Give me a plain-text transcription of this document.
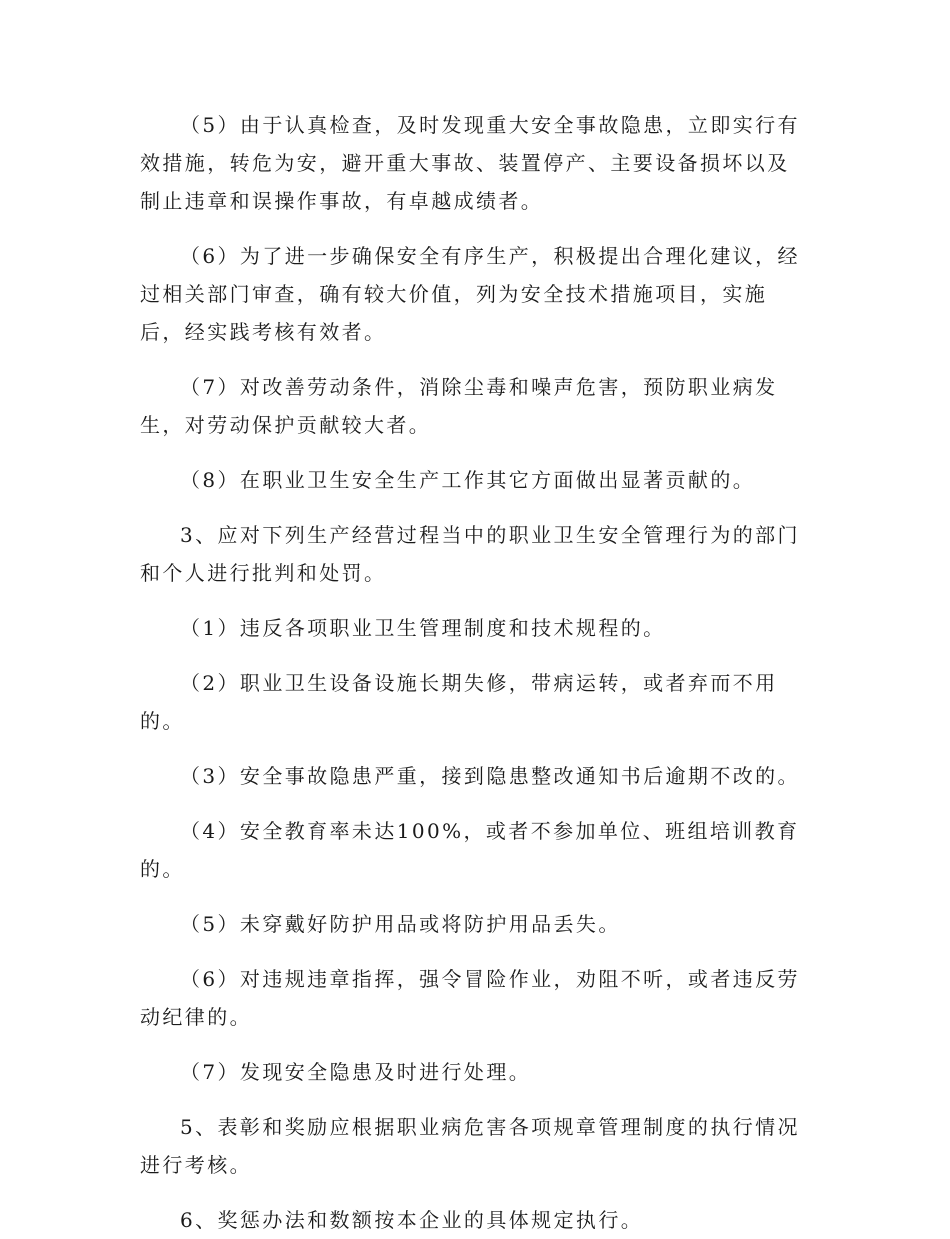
（5）由于认真检查，及时发现重大安全事故隐患，立即实行有效措施，转危为安，避开重大事故、装置停产、主要设备损坏以及制止违章和误操作事故，有卓越成绩者。

（6）为了进一步确保安全有序生产，积极提出合理化建议，经过相关部门审查，确有较大价值，列为安全技术措施项目，实施后，经实践考核有效者。

（7）对改善劳动条件，消除尘毒和噪声危害，预防职业病发生，对劳动保护贡献较大者。

（8）在职业卫生安全生产工作其它方面做出显著贡献的。

3、应对下列生产经营过程当中的职业卫生安全管理行为的部门和个人进行批判和处罚。

（1）违反各项职业卫生管理制度和技术规程的。

（2）职业卫生设备设施长期失修，带病运转，或者弃而不用的。

（3）安全事故隐患严重，接到隐患整改通知书后逾期不改的。

（4）安全教育率未达100%，或者不参加单位、班组培训教育的。

（5）未穿戴好防护用品或将防护用品丢失。

（6）对违规违章指挥，强令冒险作业，劝阻不听，或者违反劳动纪律的。

（7）发现安全隐患及时进行处理。

5、表彰和奖励应根据职业病危害各项规章管理制度的执行情况进行考核。

6、奖惩办法和数额按本企业的具体规定执行。
